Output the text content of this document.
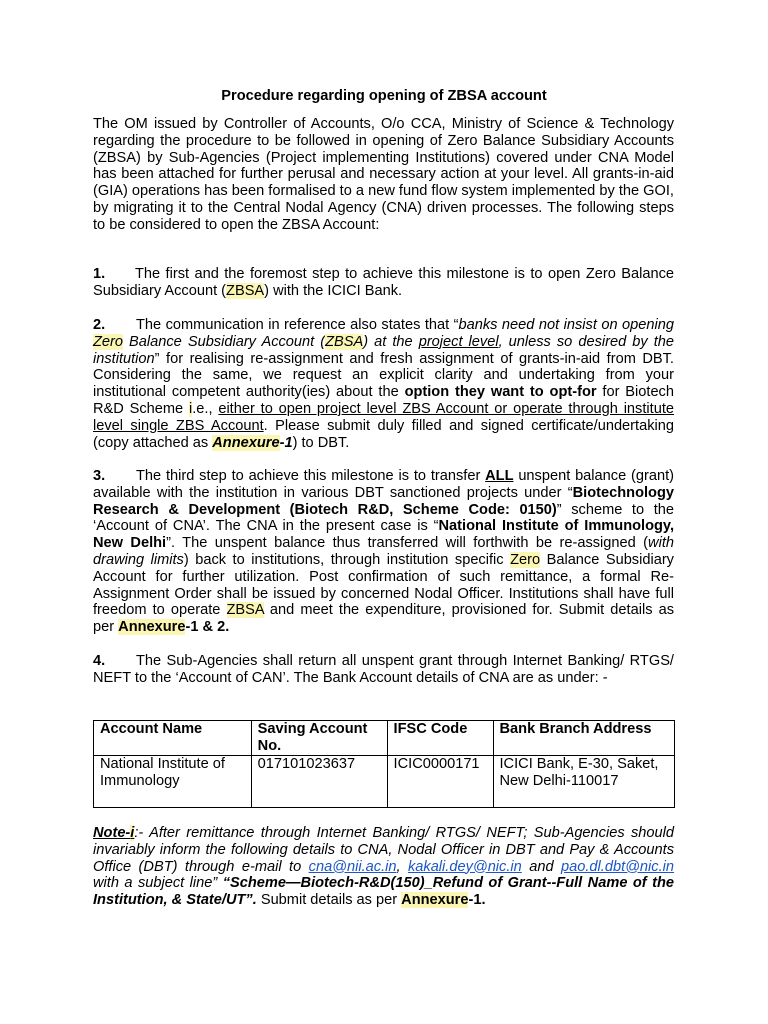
Procedure regarding opening of ZBSA account

The OM issued by Controller of Accounts, O/o CCA, Ministry of Science & Technology regarding the procedure to be followed in opening of Zero Balance Subsidiary Accounts (ZBSA) by Sub-Agencies (Project implementing Institutions) covered under CNA Model has been attached for further perusal and necessary action at your level. All grants-in-aid (GIA) operations has been formalised to a new fund flow system implemented by the GOI, by migrating it to the Central Nodal Agency (CNA) driven processes. The following steps to be considered to open the ZBSA Account:

1. The first and the foremost step to achieve this milestone is to open Zero Balance Subsidiary Account (ZBSA) with the ICICI Bank.

2. The communication in reference also states that “banks need not insist on opening Zero Balance Subsidiary Account (ZBSA) at the project level, unless so desired by the institution” for realising re-assignment and fresh assignment of grants-in-aid from DBT. Considering the same, we request an explicit clarity and undertaking from your institutional competent authority(ies) about the option they want to opt-for for Biotech R&D Scheme i.e., either to open project level ZBS Account or operate through institute level single ZBS Account. Please submit duly filled and signed certificate/undertaking (copy attached as Annexure-1) to DBT.

3. The third step to achieve this milestone is to transfer ALL unspent balance (grant) available with the institution in various DBT sanctioned projects under “Biotechnology Research & Development (Biotech R&D, Scheme Code: 0150)” scheme to the ‘Account of CNA’. The CNA in the present case is “National Institute of Immunology, New Delhi”. The unspent balance thus transferred will forthwith be re-assigned (with drawing limits) back to institutions, through institution specific Zero Balance Subsidiary Account for further utilization. Post confirmation of such remittance, a formal Re-Assignment Order shall be issued by concerned Nodal Officer. Institutions shall have full freedom to operate ZBSA and meet the expenditure, provisioned for. Submit details as per Annexure-1 & 2.

4. The Sub-Agencies shall return all unspent grant through Internet Banking/ RTGS/ NEFT to the ‘Account of CAN’. The Bank Account details of CNA are as under: -

Account Name	Saving Account No.	IFSC Code	Bank Branch Address
National Institute of Immunology	017101023637	ICIC0000171	ICICI Bank, E-30, Saket, New Delhi-110017

Note-i:- After remittance through Internet Banking/ RTGS/ NEFT; Sub-Agencies should invariably inform the following details to CNA, Nodal Officer in DBT and Pay & Accounts Office (DBT) through e-mail to cna@nii.ac.in, kakali.dey@nic.in and pao.dl.dbt@nic.in with a subject line” “Scheme—Biotech-R&D(150)_Refund of Grant--Full Name of the Institution, & State/UT”. Submit details as per Annexure-1.
